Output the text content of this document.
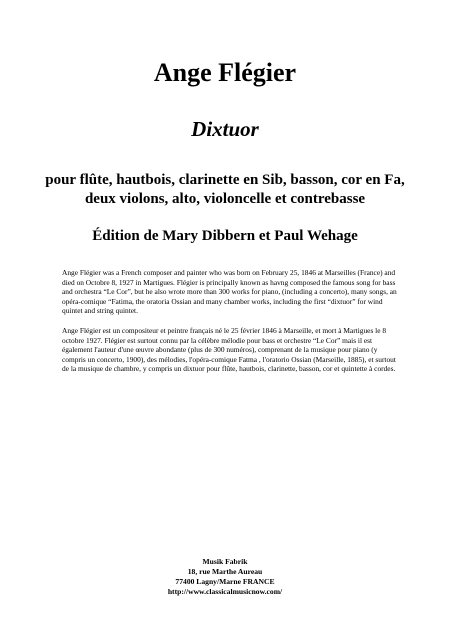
Ange Flégier
Dixtuor
pour flûte, hautbois, clarinette en Sib, basson, cor en Fa,
deux violons, alto, violoncelle et contrebasse
Édition de Mary Dibbern et Paul Wehage

Ange Flégier was a French composer and painter who was born on February 25, 1846 at Marseilles (France) and died on Octobre 8, 1927 in Martigues. Flégier is principally known as havng composed the famous song for bass and orchestra “Le Cor”, but he also wrote more than 300 works for piano, (including a concerto), many songs, an opéra-comique “Fatima, the oratoria Ossian and many chamber works, including the first “dixtuor” for wind quintet and string quintet.

Ange Flégier est un compositeur et peintre français né le 25 février 1846 à Marseille, et mort à Martigues le 8 octobre 1927. Flégier est surtout connu par la célèbre mélodie pour bass et orchestre “Le Cor” mais il est également l'auteur d'une œuvre abondante (plus de 300 numéros), comprenant de la musique pour piano (y compris un concerto, 1900), des mélodies, l'opéra-comique Fatma , l'oratorio Ossian (Marseille, 1885), et surtout de la musique de chambre, y compris un dixtuor pour flûte, hautbois, clarinette, basson, cor et quintette à cordes.

Musik Fabrik
18, rue Marthe Aureau
77400 Lagny/Marne FRANCE
http://www.classicalmusicnow.com/
